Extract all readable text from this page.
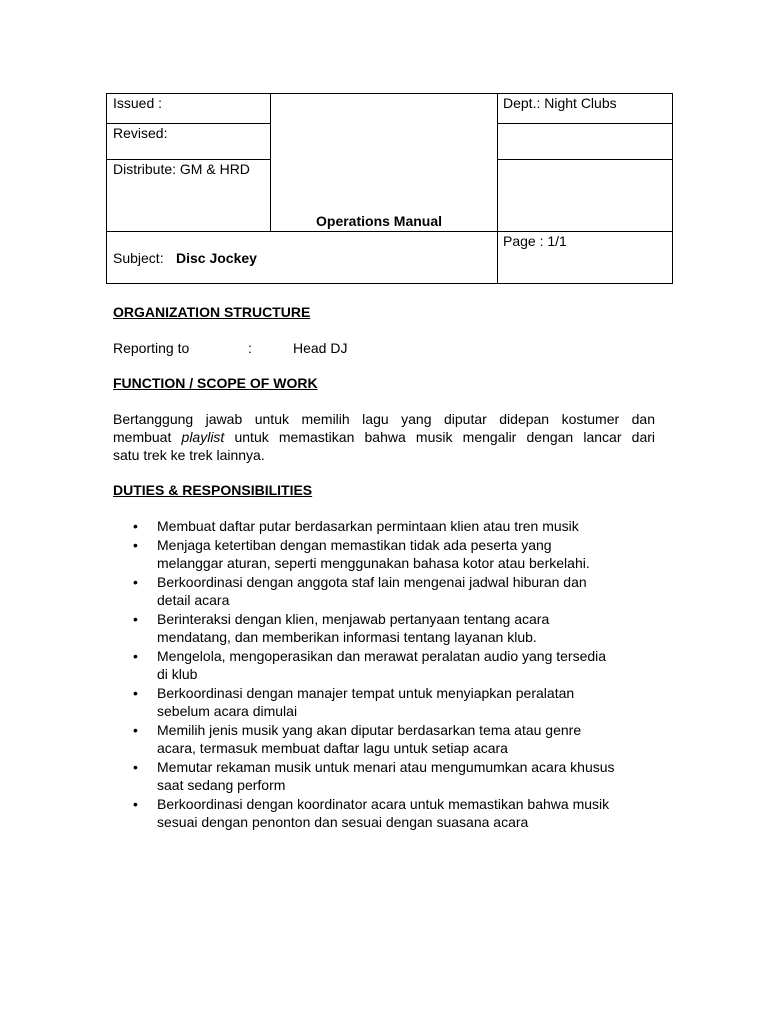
Issued :
Revised:
Distribute: GM & HRD
Operations Manual
Dept.: Night Clubs
Page : 1/1
Subject: Disc Jockey
ORGANIZATION STRUCTURE
Reporting to	:	Head DJ
FUNCTION / SCOPE OF WORK
Bertanggung jawab untuk memilih lagu yang diputar didepan kostumer dan
membuat playlist untuk memastikan bahwa musik mengalir dengan lancar dari
satu trek ke trek lainnya.
DUTIES & RESPONSIBILITIES
• Membuat daftar putar berdasarkan permintaan klien atau tren musik
• Menjaga ketertiban dengan memastikan tidak ada peserta yang
melanggar aturan, seperti menggunakan bahasa kotor atau berkelahi.
• Berkoordinasi dengan anggota staf lain mengenai jadwal hiburan dan
detail acara
• Berinteraksi dengan klien, menjawab pertanyaan tentang acara
mendatang, dan memberikan informasi tentang layanan klub.
• Mengelola, mengoperasikan dan merawat peralatan audio yang tersedia
di klub
• Berkoordinasi dengan manajer tempat untuk menyiapkan peralatan
sebelum acara dimulai
• Memilih jenis musik yang akan diputar berdasarkan tema atau genre
acara, termasuk membuat daftar lagu untuk setiap acara
• Memutar rekaman musik untuk menari atau mengumumkan acara khusus
saat sedang perform
• Berkoordinasi dengan koordinator acara untuk memastikan bahwa musik
sesuai dengan penonton dan sesuai dengan suasana acara
